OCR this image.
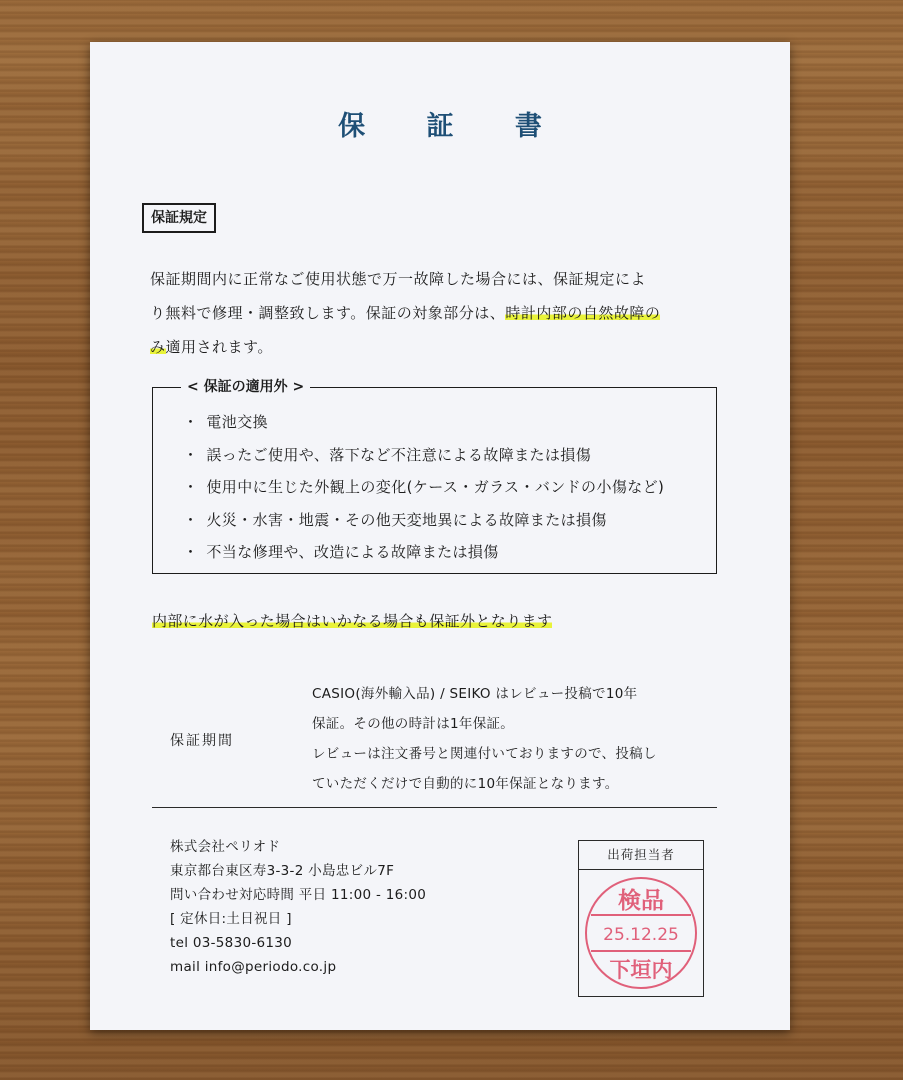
保 証 書
保証規定
保証期間内に正常なご使用状態で万一故障した場合には、保証規定によ
り無料で修理・調整致します。保証の対象部分は、時計内部の自然故障の
み適用されます。
< 保証の適用外 >
・ 電池交換
・ 誤ったご使用や、落下など不注意による故障または損傷
・ 使用中に生じた外観上の変化(ケース・ガラス・バンドの小傷など)
・ 火災・水害・地震・その他天変地異による故障または損傷
・ 不当な修理や、改造による故障または損傷
内部に水が入った場合はいかなる場合も保証外となります
保証期間
CASIO(海外輸入品) / SEIKO はレビュー投稿で10年
保証。その他の時計は1年保証。
レビューは注文番号と関連付いておりますので、投稿し
ていただくだけで自動的に10年保証となります。
株式会社ペリオド
東京都台東区寿3-3-2 小島忠ビル7F
問い合わせ対応時間 平日 11:00 - 16:00
[ 定休日:土日祝日 ]
tel 03-5830-6130
mail info@periodo.co.jp
出荷担当者
検品
25.12.25
下垣内
